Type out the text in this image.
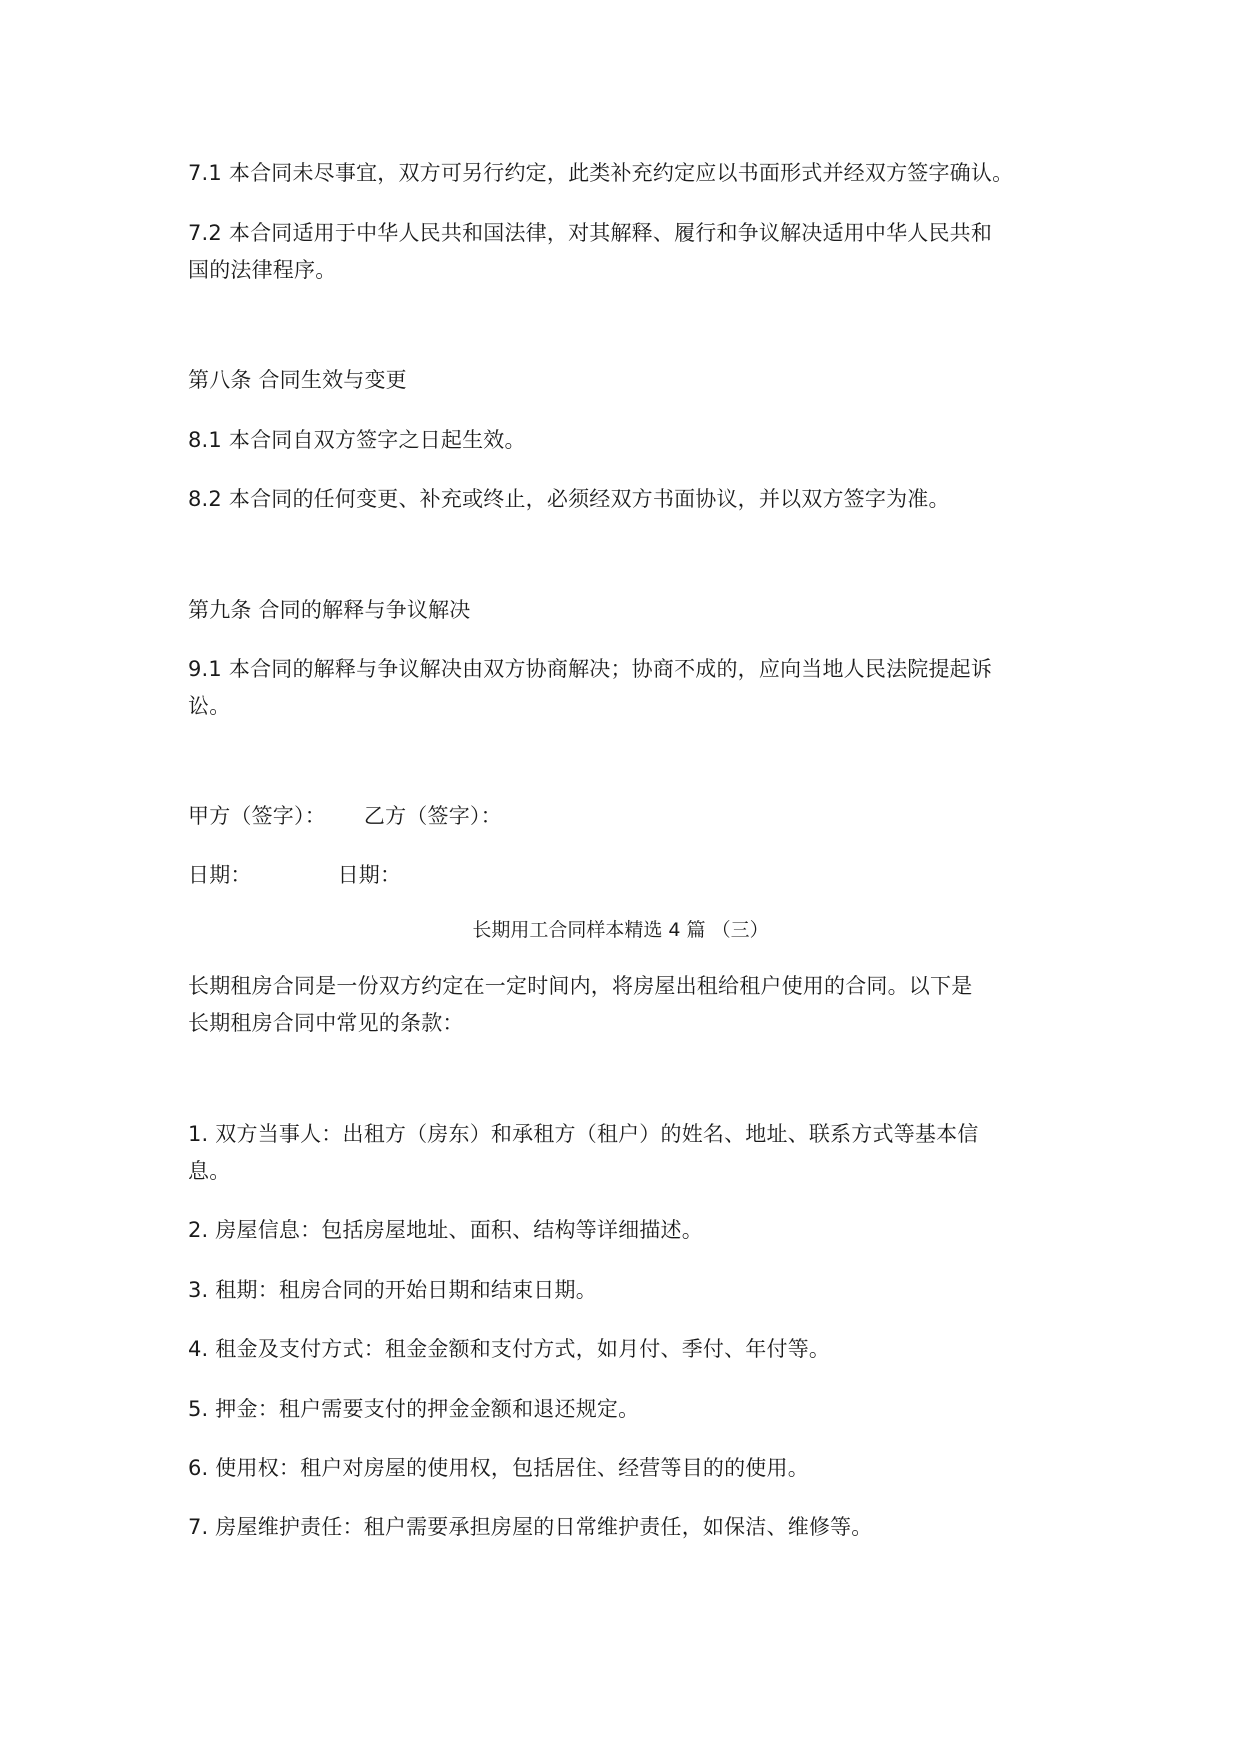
7.1 本合同未尽事宜，双方可另行约定，此类补充约定应以书面形式并经双方签字确认。
7.2 本合同适用于中华人民共和国法律，对其解释、履行和争议解决适用中华人民共和
国的法律程序。
第八条 合同生效与变更
8.1 本合同自双方签字之日起生效。
8.2 本合同的任何变更、补充或终止，必须经双方书面协议，并以双方签字为准。
第九条 合同的解释与争议解决
9.1 本合同的解释与争议解决由双方协商解决；协商不成的，应向当地人民法院提起诉
讼。
甲方（签字）： 乙方（签字）：
日期：	日期：
长期用工合同样本精选 4 篇 （三）
长期租房合同是一份双方约定在一定时间内，将房屋出租给租户使用的合同。以下是
长期租房合同中常见的条款：
1. 双方当事人：出租方（房东）和承租方（租户）的姓名、地址、联系方式等基本信
息。
2. 房屋信息：包括房屋地址、面积、结构等详细描述。
3. 租期：租房合同的开始日期和结束日期。
4. 租金及支付方式：租金金额和支付方式，如月付、季付、年付等。
5. 押金：租户需要支付的押金金额和退还规定。
6. 使用权：租户对房屋的使用权，包括居住、经营等目的的使用。
7. 房屋维护责任：租户需要承担房屋的日常维护责任，如保洁、维修等。
